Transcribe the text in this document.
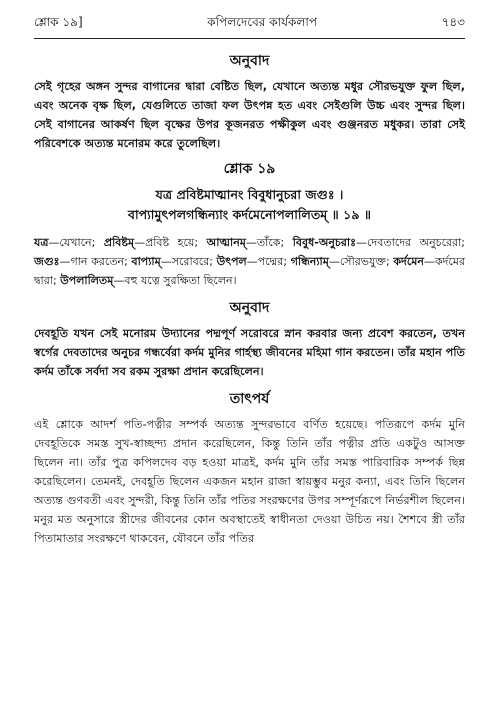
শ্লোক ১৯]	কপিলদেবের কার্যকলাপ	৭৪৩
অনুবাদ

সেই গৃহের অঙ্গন সুন্দর বাগানের দ্বারা বেষ্টিত ছিল, যেখানে অত্যন্ত মধুর সৌরভযুক্ত ফুল ছিল, এবং অনেক বৃক্ষ ছিল, যেগুলিতে তাজা ফল উৎপন্ন হত এবং সেইগুলি উচ্চ এবং সুন্দর ছিল। সেই বাগানের আকর্ষণ ছিল বৃক্ষের উপর কূজনরত পক্ষীকুল এবং গুঞ্জনরত মধুকর। তারা সেই পরিবেশকে অত্যন্ত মনোরম করে তুলেছিল।

শ্লোক ১৯
যত্র প্রবিষ্টমাত্মানং বিবুধানুচরা জগুঃ ।
বাপ্যামুৎপলগন্ধিন্যাং কর্দমেনোপলালিতম্ ॥ ১৯ ॥

যত্র—যেখানে; প্রবিষ্টম্—প্রবিষ্ট হয়ে; আত্মানম্—তাঁকে; বিবুধ-অনুচরাঃ—দেবতাদের অনুচরেরা; জগুঃ—গান করতেন; বাপ্যাম্—সরোবরে; উৎপল—পদ্মের; গন্ধিন্যাম্—সৌরভযুক্ত; কর্দমেন—কর্দমের দ্বারা; উপলালিতম্—বহু যত্নে সুরক্ষিতা ছিলেন।

অনুবাদ

দেবহূতি যখন সেই মনোরম উদ্যানের পদ্মপূর্ণ সরোবরে স্নান করবার জন্য প্রবেশ করতেন, তখন স্বর্গের দেবতাদের অনুচর গন্ধর্বেরা কর্দম মুনির গার্হস্থ্য জীবনের মহিমা গান করতেন। তাঁর মহান পতি কর্দম তাঁকে সর্বদা সব রকম সুরক্ষা প্রদান করেছিলেন।

তাৎপর্য

এই শ্লোকে আদর্শ পতি-পত্নীর সম্পর্ক অত্যন্ত সুন্দরভাবে বর্ণিত হয়েছে। পতিরূপে কর্দম মুনি দেবহূতিকে সমস্ত সুখ-স্বাচ্ছন্দ্য প্রদান করেছিলেন, কিন্তু তিনি তাঁর পত্নীর প্রতি একটুও আসক্ত ছিলেন না। তাঁর পুত্র কপিলদেব বড় হওয়া মাত্রই, কর্দম মুনি তাঁর সমস্ত পারিবারিক সম্পর্ক ছিন্ন করেছিলেন। তেমনই, দেবহূতি ছিলেন একজন মহান রাজা স্বায়ম্ভুব মনুর কন্যা, এবং তিনি ছিলেন অত্যন্ত গুণবতী এবং সুন্দরী, কিন্তু তিনি তাঁর পতির সংরক্ষণের উপর সম্পূর্ণরূপে নির্ভরশীল ছিলেন। মনুর মত অনুসারে স্ত্রীদের জীবনের কোন অবস্থাতেই স্বাধীনতা দেওয়া উচিত নয়। শৈশবে স্ত্রী তাঁর পিতামাতার সংরক্ষণে থাকবেন, যৌবনে তাঁর পতির
